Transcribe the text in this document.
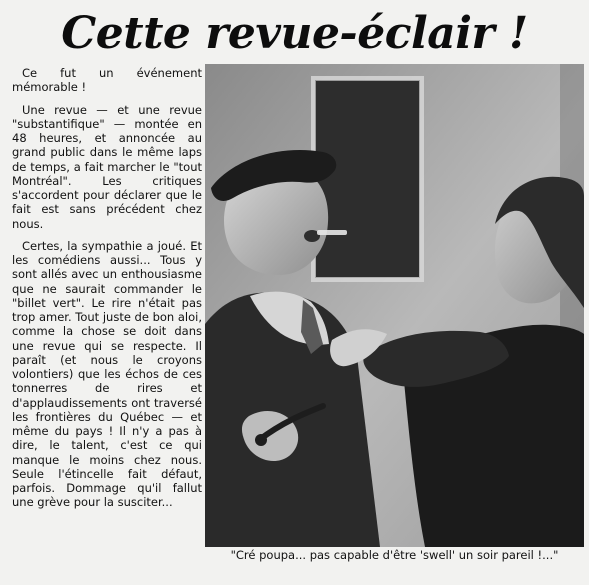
Cette revue-éclair !

Ce fut un événement mémorable !

Une revue — et une revue "substantifique" — montée en 48 heures, et annoncée au grand public dans le même laps de temps, a fait marcher le "tout Montréal". Les critiques s'accordent pour déclarer que le fait est sans précédent chez nous.

Certes, la sympathie a joué. Et les comédiens aussi... Tous y sont allés avec un enthousiasme que ne saurait commander le "billet vert". Le rire n'était pas trop amer. Tout juste de bon aloi, comme la chose se doit dans une revue qui se respecte. Il paraît (et nous le croyons volontiers) que les échos de ces tonnerres de rires et d'applaudissements ont traversé les frontières du Québec — et même du pays ! Il n'y a pas à dire, le talent, c'est ce qui manque le moins chez nous. Seule l'étincelle fait défaut, parfois. Dommage qu'il fallut une grève pour la susciter...

"Cré poupa... pas capable d'être 'swell' un soir pareil !..."
